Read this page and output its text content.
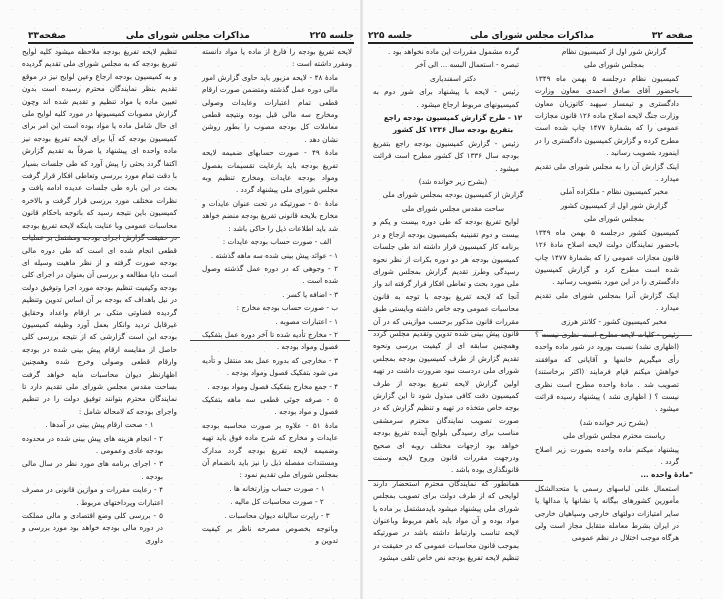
جلسه ۲۲۵
مذاکرات مجلس شورای ملی
صفحه۳۳

لایحه تفریغ بودجه را فارغ از ماده یا مواد دانسته ومقرر داشته است :

مادهٔ ۴۸ - لایحه مزبور باید حاوی گزارش امور مالی دوره عمل گذشته ومتضمن صورت ارقام قطعی تمام اعتبارات وعایدات وصولی ومخارج سه مالی قبل بوده ونتیجه قطعی معاملات کل بودجه مصوب را بطور روشن نشان دهد .

مادهٔ ۴۹ - صورت حسابهای ضمیمه لایحه تفریغ بودجه باید بارعایت تقسیمات بفصول ومواد بودجه عایدات ومخارج تنظیم وبه مجلس شورای ملی پیشنهاد گردد .

مادهٔ ۵۰ - صورتیکه در تحت عنوان عایدات و مخارج بلایحه قانونی تفریغ بودجه منضم خواهد شد باید اطلاعات ذیل را حاکی باشد :

الف - صورت حساب بودجه عایدات :

۱ - عوائد پیش بینی شده سه ماهه گذشته .

۲ - وجوهی که در دوره عمل گذشته وصول شده است .

۳ - اضافه یا کسر .

ب - صورت حساب بودجه مخارج :

۱ - اعتبارات مصوبه .

۲ - مخارج تأدیه شده تا آخر دوره عمل بتفکیک فصول ومواد بودجه .

۳ - مخارجی که بدوره عمل بعد منتقل و تأدیه می شود بتفکیک فصول ومواد بودجه .

۴ - جمع مخارج بتفکیک فصول ومواد بودجه .

۵ - صرفه جوئی قطعی سه ماهه بتفکیک فصول و مواد بودجه .

مادهٔ ۵۱ - علاوه بر صورت محاسبه بودجه عایدات و مخارج که شرح ماده فوق باید تهیه وضمیمه لایحه تفریغ بودجه گردد مدارک ومستندات مفصله ذیل را نیز باید بانضمام آن بمجلس شورای ملی تقدیم نمود :

۱ - صورت حساب وزارتخانه ها .

۲ - صورت محاسبات کل مالیه .

۳ - راپرت سالیانه دیوان محاسبات .

وباتوجه بخصوص مصرحه ناظر بر کیفیت تدوین و

تنظیم لایحه تفریغ بودجه ملاحظه میشود کلیه لوایح تفریغ بودجه که به مجلس شورای ملی تقدیم گردیده و به کمیسیون بودجه ارجاع وعین لوایح نیز در موقع تقدیم بنظر نمایندگان محترم رسیده است بدون تعیین ماده یا مواد تنظیم و تقدیم شده اند وچون گزارش مصوبات کمیسیونها در مورد کلیه لوایح ملی ای حال شامل ماده یا مواد بوده است این امر برای کمیسیون بودجه که آیا برای لایحه تفریغ بودجه نیز ماده واحده ای پیشنهاد یا صرفاً به تقدیم گزارش اکتفا گردد بحثی را پیش آورد که طی جلسات بسیار با دقت تمام مورد بررسی وتعاطی افکار قرار گرفت بحث در این باره طی جلسات عدیده ادامه یافت و نظرات مختلف مورد بررسی قرار گرفت و بالاخره کمیسیون باین نتیجه رسید که باتوجه باحکام قانون محاسبات عمومی وبا عنایت باینکه لایحه تفریغ بودجه در حقیقت گزارش اجرای بودجه ومشتمل بر عملیات قطعی انجام شده ای است که طی دوره مالی بودجه صورت گرفته و از نظر ماهیت وسیله ای است دایا مطالعه و بررسی آن بعنوان در اجرای کلی بودجه وکیفیت تنظیم بودجه مورد اجرا وتوفیق دولت در نیل باهداف که بودجه بر آن اساس تدوین وتنظیم گردیده قضاوتی متکی بر ارقام واعداد وحقایق غیرقابل تردید وانکار بعمل آورد وظیفه کمیسیون بودجه این است گزارشی که از نتیجه بررسی کلی حاصل از مقایسه ارقام پیش بینی شده در بودجه وارقام قطعی وصولی وخرج شده وهمچنین اظهارنظر دیوان محاسبات مایه خواهد گرفت بساحت مقدس مجلس شورای ملی تقدیم دارد تا نمایندگان محترم بتوانند توفیق دولت را در تنظیم واجرای بودجه که لامحاله شامل :

۱ - صحت ارقام پیش بینی در آمدها .

۲ - انجام هزینه های پیش بینی شده در محدوده بودجه عادی وعمومی .

۳ - اجرای برنامه های مورد نظر در سال مالی بودجه .

۴ - رعایت مقررات و موازین قانونی در مصرف اعتبارات وپرداختهای مربوط .

۵ - بررسی کلی وضع اقتصادی و مالی مملکت در دوره مالی بودجه خواهد بود مورد بررسی و داوری

صفحه ۳۲
مذاکرات مجلس شورای ملی
جلسه ۲۲۵

گزارش شور اول از کمیسیون نظام

بمجلس شورای ملی

کمیسیون نظام درجلسه ۵ بهمن ماه ۱۳۴۹ باحضور آقای صادق احمدی معاون وزارت دادگستری و تیمسار سپهبد کاتوزیان معاون وزارت جنگ لایحه اصلاح ماده ۱۲۶ قانون مجازات عمومی را که بشمارهٔ ۱۴۷۷ چاپ شده است مطرح کرده و گزارش کمیسیون دادگستری را در اینمورد بتصویب رسانید .

اینک گزارش آن را به مجلس شورای ملی تقدیم میدارد .

مخبر کمیسیون نظام - ملکزاده آملی

گزارش شور اول از کمیسیون کشور

بمجلس شورای ملی

کمیسیون کشور درجلسه ۵ بهمن ماه ۱۳۴۹ باحضور نمایندگان دولت لایحه اصلاح مادهٔ ۱۲۶ قانون مجازات عمومی را که بشمارهٔ ۱۴۷۷ چاپ شده است مطرح کرد و گزارش کمیسیون دادگستری را در این مورد بتصویب رسانید .

اینک گزارش آنرا بمجلس شورای ملی تقدیم میدارد .

مخبر کمیسیون کشور - کلانتر هرزی

رئیس - کلیات لایحه مطرح است نظری نیست ؟ (اظهاری نشد) نسبت بورود در شور ماده واحده رأی میگیریم خانمها و آقایانی که موافقند خواهش میکنم قیام فرمایند (اکثر برخاستند) تصویب شد . مادهٔ واحده مطرح است نظری نیست ؟ ( اظهاری نشد ) پیشنهاد رسیده قرائت میشود .

(بشرح زیر خوانده شد)

ریاست محترم مجلس شورای ملی

پیشنهاد میکنم ماده واحده بصورت زیر اصلاح گردد .

"مادهٔ واحده ...

استعمال علنی لباسهای رسمی یا متحدالشکل مأمورین کشورهای بیگانه یا نشانها یا مدالها یا سایر امتیازات دولتهای خارجی وسپاهیان خارجی در ایران بشرط معامله متقابل مجاز است ولی هرگاه موجب اختلال در نظم عمومی

گرده مشمول مقررات این ماده نخواهد بود .

تبصره - استعمال البسه ... الی آخر

دکتر اسفندیاری

رئیس - لایحه با پیشنهاد برای شور دوم به کمیسیونهای مربوط ارجاع میشود .

۱۲ - طرح گزارش کمیسیون بودجه راجع بتفریغ بودجه سال ۱۳۳۶ کل کشور

رئیس - گزارش کمیسیون بودجه راجع بتفریغ بودجه سال ۱۳۳۶ کل کشور مطرح است قرائت میشود .

(بشرح زیر خوانده شد)

گزارش از کمیسیون بودجه بمجلس شورای ملی

ساحت مقدس مجلس شورای ملی

لوایح تفریغ بودجه که طی دوره بیست و یکم و بیست و دوم تقنینیه بکمیسیون بودجه ارجاع و در برنامه کار کمیسیون قرار داشته اند طی جلسات کمیسیون بودجه هر دو دوره بکرات از نظر نحوه رسیدگی وطرز تقدیم گزارش بمجلس شورای ملی مورد بحث و تعاطی افکار قرار گرفته اند واز آنجا که لایحه تفریغ بودجه با توجه به قانون محاسبات عمومی وجه خاص داشته وبایستی طبق مقررات قانون مذکور برحسب موازینی که در آن قانون پیش بینی شده تدوین وتقدیم مجلس گردد وهمچنین سابقه ای از کیفیت بررسی ونحوه تقدیم گزارش از طرف کمیسیون بودجه بمجلس شورای ملی دردست نبود ضرورت داشت در تهیه اولین گزارش لایحه تفریغ بودجه از طرف کمیسیون دقت کافی مبذول شود تا این گزارش بوجه خاص متخذه در تهیه و تنظیم گزارش که در صورت تصویب نمایندگان محترم سرمشقی مناسب برای رسیدگی بلوایح آینده تفریغ بودجه خواهد بود ازجهات مختلف روبه ای صحیح ودرجهت مقررات قانون وروح لایحه وسنت قانونگذاری بوده باشد .

همانطور که نمایندگان محترم استحضار دارند لوایحی که از طرف دولت برای تصویب بمجلس شورای ملی پیشنهاد میشود بایدمشتمل بر ماده یا مواد بوده و آن مواد باید باهم مربوط وباعنوان لایحه تناسب وارتباط داشته باشد در صورتیکه بموجب قانون محاسبات عمومی که در حقیقت در تنظیم لایحه تفریغ بودجه نص خاص تلقی میشود
